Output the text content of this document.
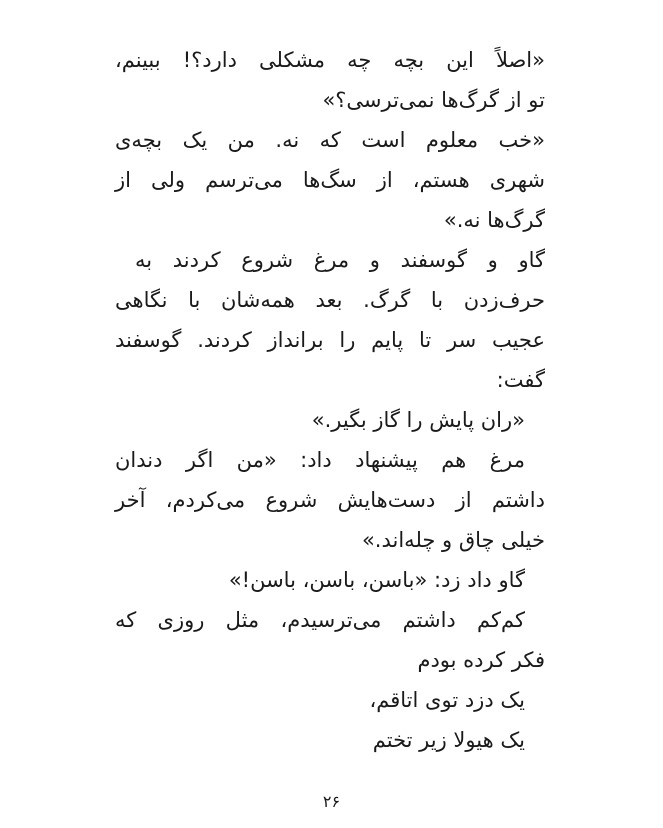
«اصلاً این بچه چه مشکلی دارد؟! ببینم،
تو از گرگ‌ها نمی‌ترسی؟»
«خب معلوم است که نه. من یک بچه‌ی
شهری هستم، از سگ‌ها می‌ترسم ولی از
گرگ‌ها نه.»
گاو و گوسفند و مرغ شروع کردند به
حرف‌زدن با گرگ. بعد همه‌شان با نگاهی
عجیب سر تا پایم را برانداز کردند. گوسفند
گفت:
«ران پایش را گاز بگیر.»
مرغ هم پیشنهاد داد: «من اگر دندان
داشتم از دست‌هایش شروع می‌کردم، آخر
خیلی چاق و چله‌اند.»
گاو داد زد: «باسن، باسن، باسن!»
کم‌کم داشتم می‌ترسیدم، مثل روزی که
فکر کرده بودم
یک دزد توی اتاقم،
یک هیولا زیر تختم
۲۶
